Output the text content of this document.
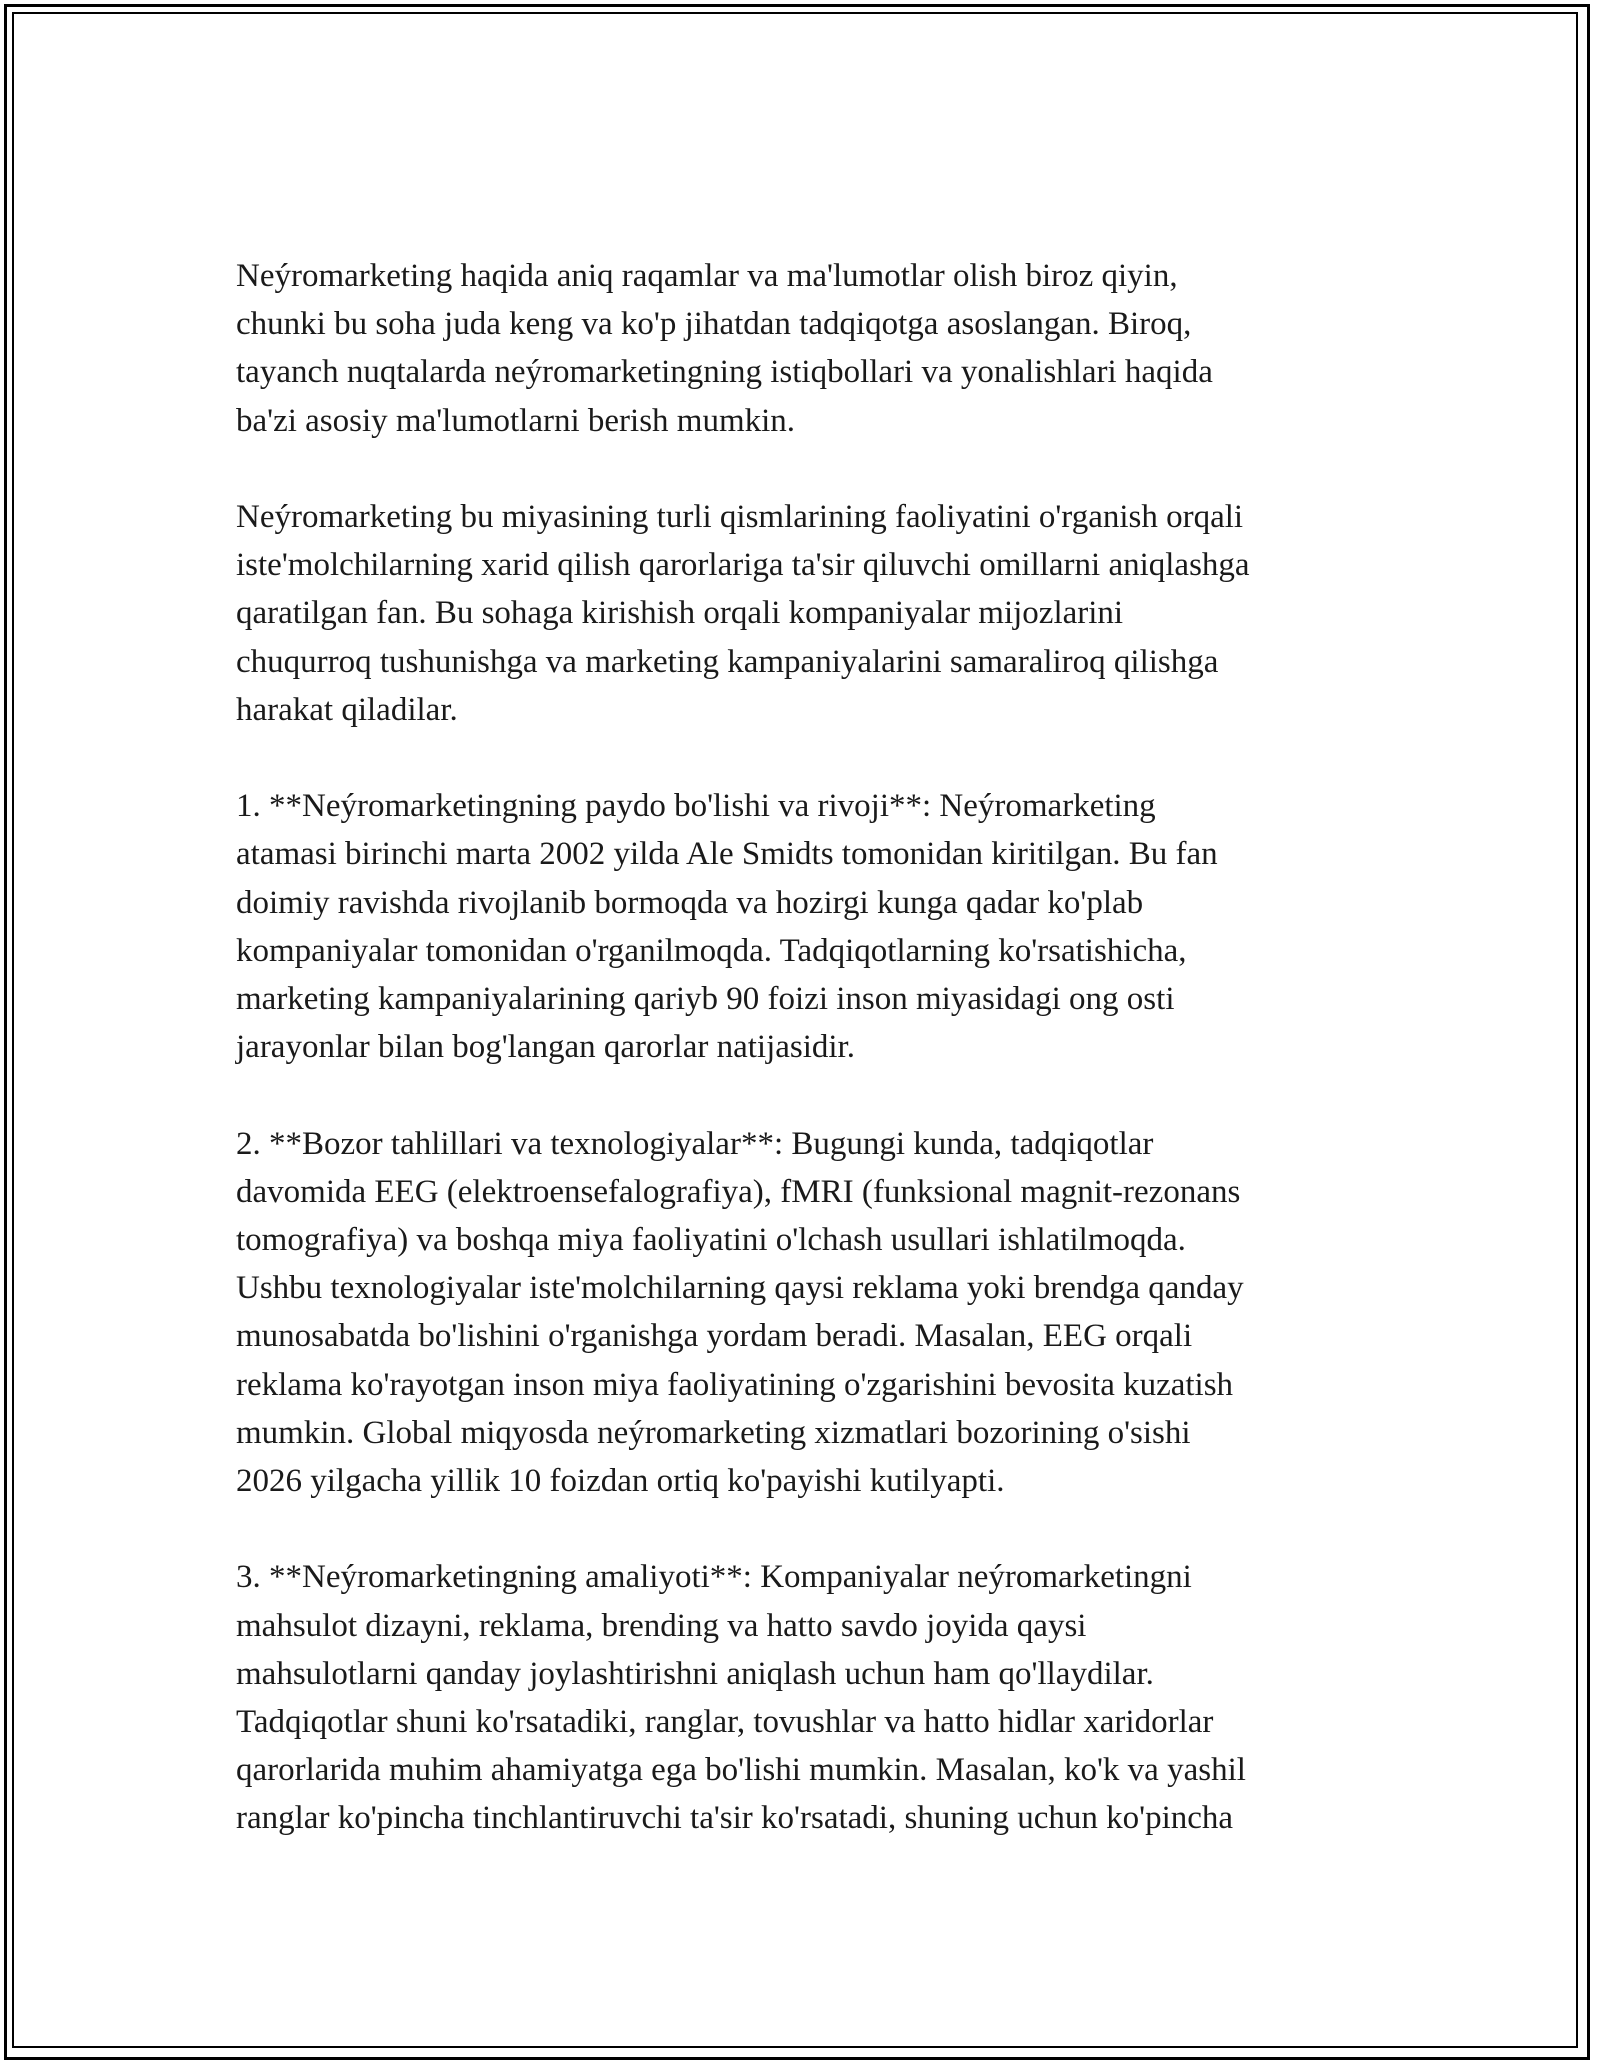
Neýromarketing haqida aniq raqamlar va ma'lumotlar olish biroz qiyin,
chunki bu soha juda keng va ko'p jihatdan tadqiqotga asoslangan. Biroq,
tayanch nuqtalarda neýromarketingning istiqbollari va yonalishlari haqida
ba'zi asosiy ma'lumotlarni berish mumkin.

Neýromarketing bu miyasining turli qismlarining faoliyatini o'rganish orqali
iste'molchilarning xarid qilish qarorlariga ta'sir qiluvchi omillarni aniqlashga
qaratilgan fan. Bu sohaga kirishish orqali kompaniyalar mijozlarini
chuqurroq tushunishga va marketing kampaniyalarini samaraliroq qilishga
harakat qiladilar.

1. **Neýromarketingning paydo bo'lishi va rivoji**: Neýromarketing
atamasi birinchi marta 2002 yilda Ale Smidts tomonidan kiritilgan. Bu fan
doimiy ravishda rivojlanib bormoqda va hozirgi kunga qadar ko'plab
kompaniyalar tomonidan o'rganilmoqda. Tadqiqotlarning ko'rsatishicha,
marketing kampaniyalarining qariyb 90 foizi inson miyasidagi ong osti
jarayonlar bilan bog'langan qarorlar natijasidir.

2. **Bozor tahlillari va texnologiyalar**: Bugungi kunda, tadqiqotlar
davomida EEG (elektroensefalografiya), fMRI (funksional magnit-rezonans
tomografiya) va boshqa miya faoliyatini o'lchash usullari ishlatilmoqda.
Ushbu texnologiyalar iste'molchilarning qaysi reklama yoki brendga qanday
munosabatda bo'lishini o'rganishga yordam beradi. Masalan, EEG orqali
reklama ko'rayotgan inson miya faoliyatining o'zgarishini bevosita kuzatish
mumkin. Global miqyosda neýromarketing xizmatlari bozorining o'sishi
2026 yilgacha yillik 10 foizdan ortiq ko'payishi kutilyapti.

3. **Neýromarketingning amaliyoti**: Kompaniyalar neýromarketingni
mahsulot dizayni, reklama, brending va hatto savdo joyida qaysi
mahsulotlarni qanday joylashtirishni aniqlash uchun ham qo'llaydilar.
Tadqiqotlar shuni ko'rsatadiki, ranglar, tovushlar va hatto hidlar xaridorlar
qarorlarida muhim ahamiyatga ega bo'lishi mumkin. Masalan, ko'k va yashil
ranglar ko'pincha tinchlantiruvchi ta'sir ko'rsatadi, shuning uchun ko'pincha
